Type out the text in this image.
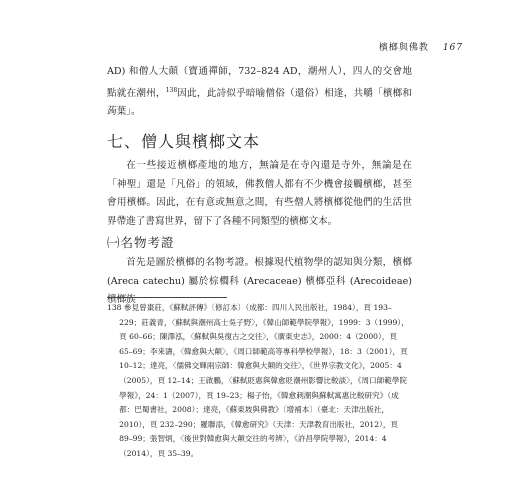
檳榔與佛教 167

AD) 和僧人大顛（寶通禪師，732–824 AD，潮州人），四人的交會地點就在潮州，$^{138}$因此，此詩似乎暗喻僧俗（還俗）相逢，共嚼「檳榔和蒟葉」。

七、僧人與檳榔文本

在一些接近檳榔產地的地方，無論是在寺內還是寺外，無論是在「神聖」還是「凡俗」的領域，佛教僧人都有不少機會接觸檳榔，甚至會用檳榔。因此，在有意或無意之間，有些僧人將檳榔從他們的生活世界帶進了書寫世界，留下了各種不同類型的檳榔文本。

㈠名物考證

首先是圖於檳榔的名物考證。根據現代植物學的認知與分類，檳榔 (Areca catechu) 屬於棕櫚科 (Arecaceae) 檳榔亞科 (Arecoideae) 檳榔族

138 參見曾棗莊，《蘇軾評傳》〔修訂本〕（成都：四川人民出版社，1984），頁 193–229；莊義青，〈蘇軾與潮州高士吳子野〉，《韓山師範學院學報》，1999：3（1999），頁 60–66；陳澤泓，〈蘇軾與吳復古之交往〉，《廣東史志》，2000：4（2000），頁 65–69；李來濤，〈韓愈與大顛〉，《周口師範高等專科學校學報》，18：3（2001），頁 10–12；達亮，〈儒佛交輝兩宗師：韓愈與大顛的交往〉，《世界宗教文化》，2005：4（2005），頁 12–14；王啟鵬，〈蘇軾貶惠與韓愈貶潮州影響比較談〉，《周口師範學院學報》，24：1（2007），頁 19–23；楊子怡，《韓愈刺潮與蘇軾寓惠比較研究》（成都：巴蜀書社，2008）；達亮，《蘇東坡與佛教》〔增補本〕（臺北：天津出版社，2010），頁 232–290；羅聯添，《韓愈研究》（天津：天津教育出版社，2012），頁 89–99；張智炳，〈後世對韓愈與大顛交往的考辨〉，《許昌學院學報》，2014：4（2014），頁 35–39。
